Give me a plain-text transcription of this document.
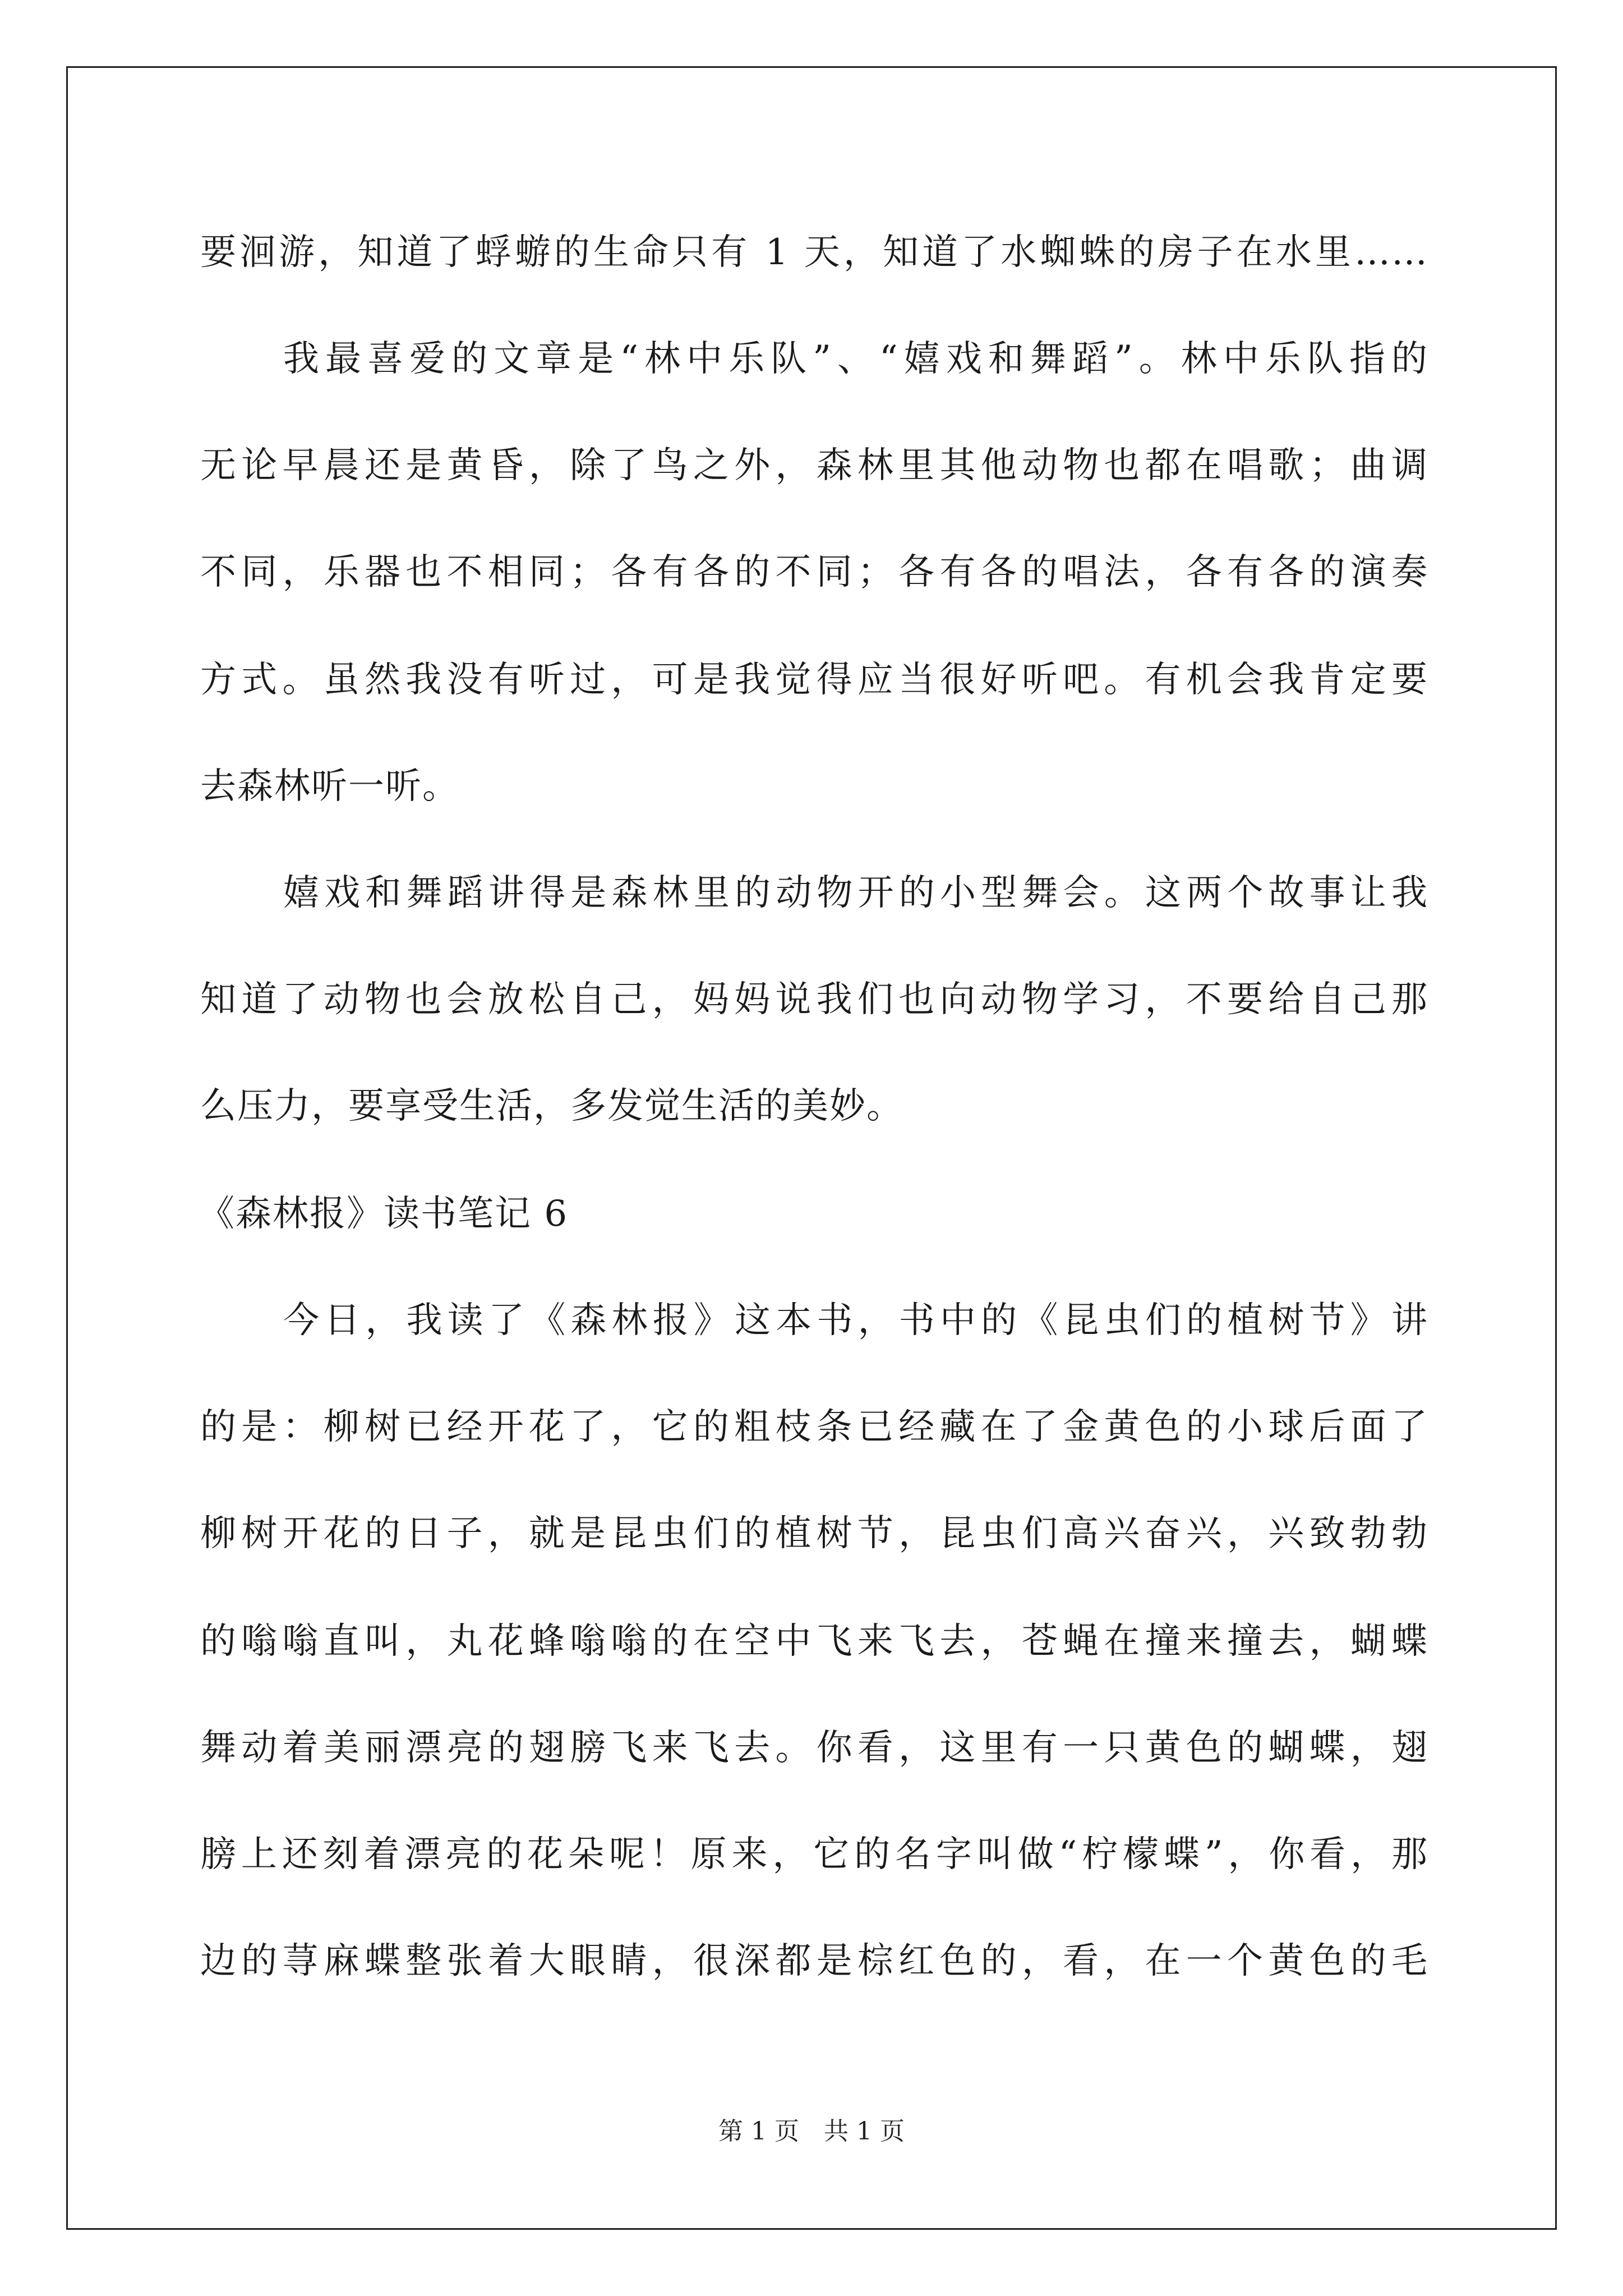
要洄游，知道了蜉蝣的生命只有 1 天，知道了水蜘蛛的房子在水里……
我最喜爱的文章是“林中乐队”、“嬉戏和舞蹈”。林中乐队指的
无论早晨还是黄昏，除了鸟之外，森林里其他动物也都在唱歌；曲调
不同，乐器也不相同；各有各的不同；各有各的唱法，各有各的演奏
方式。虽然我没有听过，可是我觉得应当很好听吧。有机会我肯定要
去森林听一听。
嬉戏和舞蹈讲得是森林里的动物开的小型舞会。这两个故事让我
知道了动物也会放松自己，妈妈说我们也向动物学习，不要给自己那
么压力，要享受生活，多发觉生活的美妙。
《森林报》读书笔记 6
今日，我读了《森林报》这本书，书中的《昆虫们的植树节》讲
的是：柳树已经开花了，它的粗枝条已经藏在了金黄色的小球后面了
柳树开花的日子，就是昆虫们的植树节，昆虫们高兴奋兴，兴致勃勃
的嗡嗡直叫，丸花蜂嗡嗡的在空中飞来飞去，苍蝇在撞来撞去，蝴蝶
舞动着美丽漂亮的翅膀飞来飞去。你看，这里有一只黄色的蝴蝶，翅
膀上还刻着漂亮的花朵呢！原来，它的名字叫做“柠檬蝶”，你看，那
边的荨麻蝶整张着大眼睛，很深都是棕红色的，看，在一个黄色的毛
第 1 页　共 1 页
